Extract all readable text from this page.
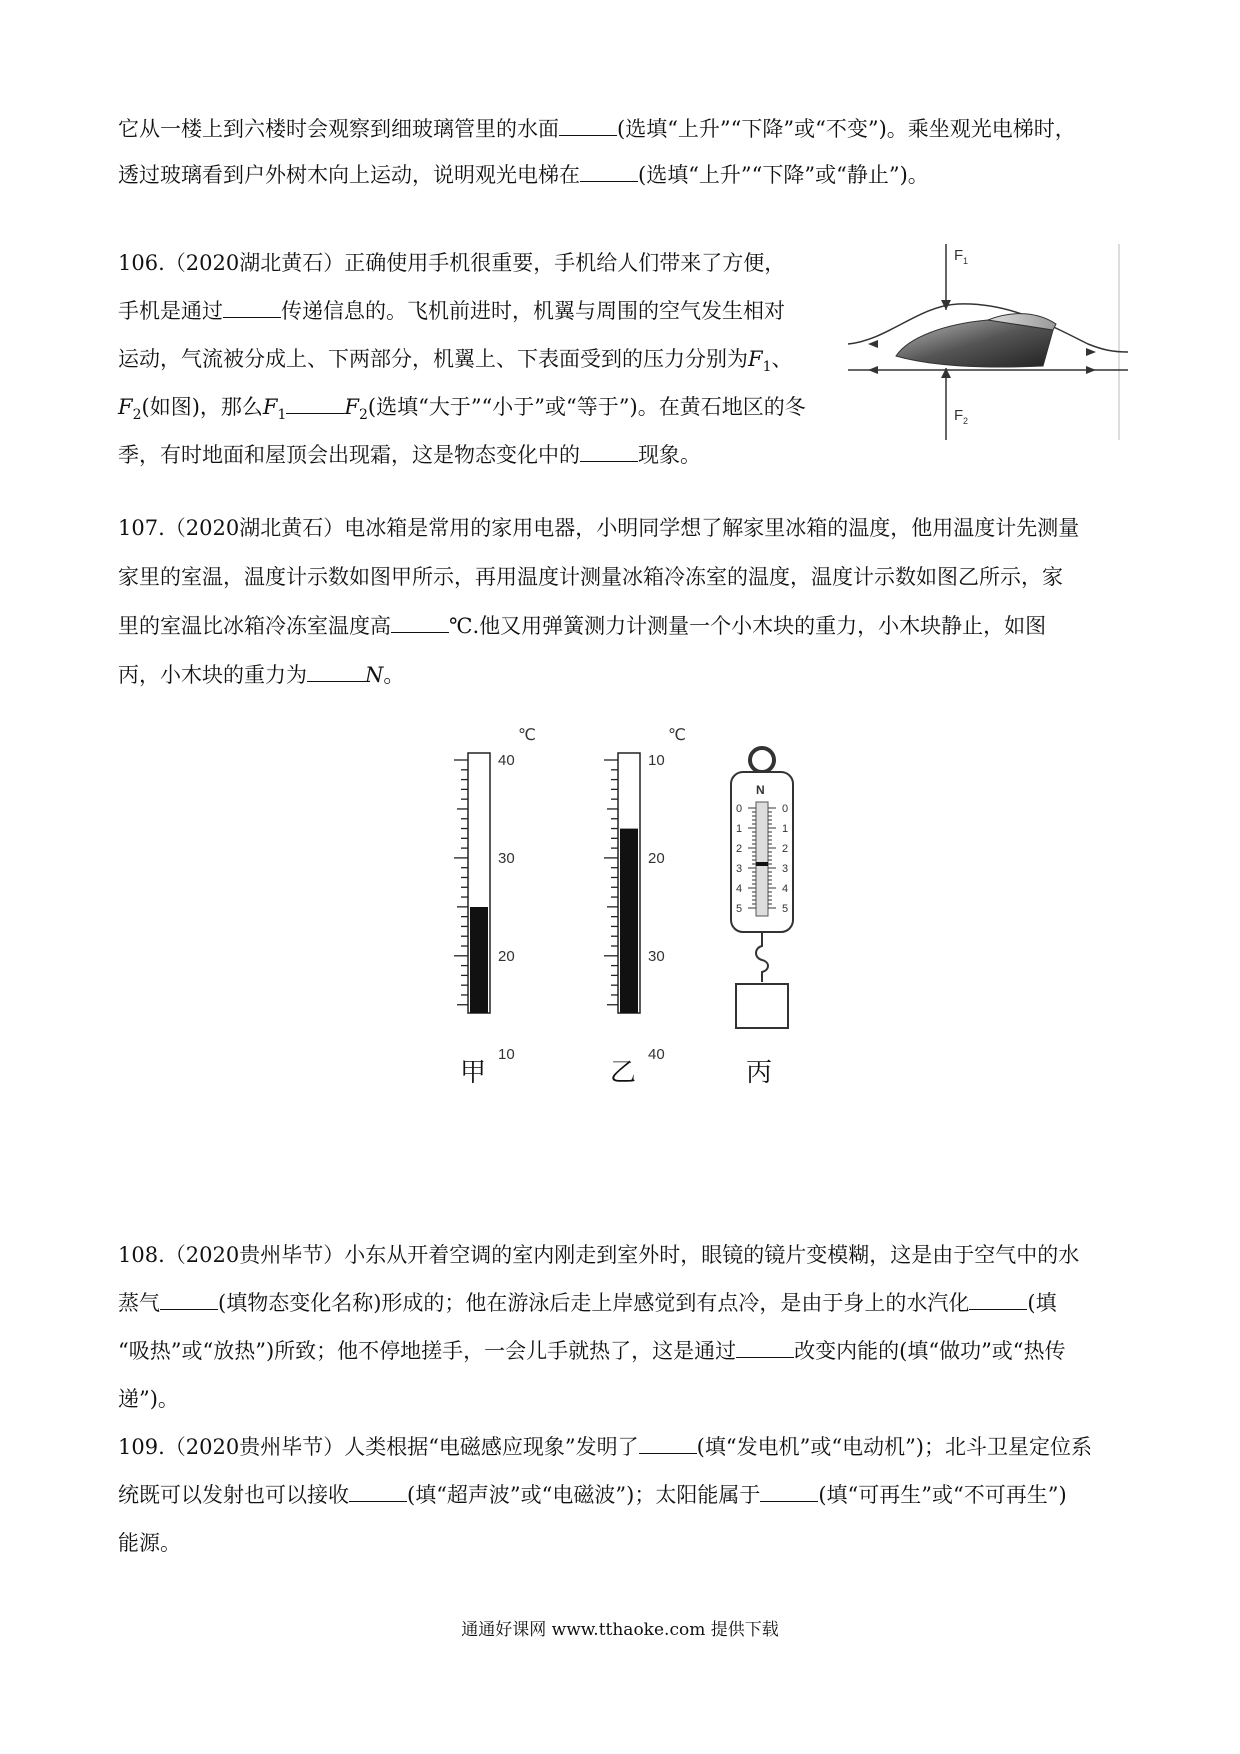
它从一楼上到六楼时会观察到细玻璃管里的水面	(选填“上升”“下降”或“不变”)。乘坐观光电梯时，
透过玻璃看到户外树木向上运动，说明观光电梯在	(选填“上升”“下降”或“静止”)。
106.（2020湖北黄石）正确使用手机很重要，手机给人们带来了方便，
手机是通过	传递信息的。飞机前进时，机翼与周围的空气发生相对
运动，气流被分成上、下两部分，机翼上、下表面受到的压力分别为$F_1$、
$F_2$(如图)，那么$F_1$	$F_2$(选填“大于”“小于”或“等于”)。在黄石地区的冬
季，有时地面和屋顶会出现霜，这是物态变化中的	现象。
F 1
F 2
107.（2020湖北黄石）电冰箱是常用的家用电器，小明同学想了解家里冰箱的温度，他用温度计先测量
家里的室温，温度计示数如图甲所示，再用温度计测量冰箱冷冻室的温度，温度计示数如图乙所示，家
里的室温比冰箱冷冻室温度高	℃.他又用弹簧测力计测量一个小木块的重力，小木块静止，如图
丙，小木块的重力为	N。
℃
40
30
20
10
℃
10
20
30
40
N
0
1
2
3
4
5
0
1
2
3
4
5
甲	乙	丙
108.（2020贵州毕节）小东从开着空调的室内刚走到室外时，眼镜的镜片变模糊，这是由于空气中的水
蒸气	(填物态变化名称)形成的；他在游泳后走上岸感觉到有点冷，是由于身上的水汽化	(填
“吸热”或“放热”)所致；他不停地搓手，一会儿手就热了，这是通过	改变内能的(填“做功”或“热传
递”)。
109.（2020贵州毕节）人类根据“电磁感应现象”发明了	(填“发电机”或“电动机”)；北斗卫星定位系
统既可以发射也可以接收	(填“超声波”或“电磁波”)；太阳能属于	(填“可再生”或“不可再生”)
能源。
通通好课网 www.tthaoke.com 提供下载
